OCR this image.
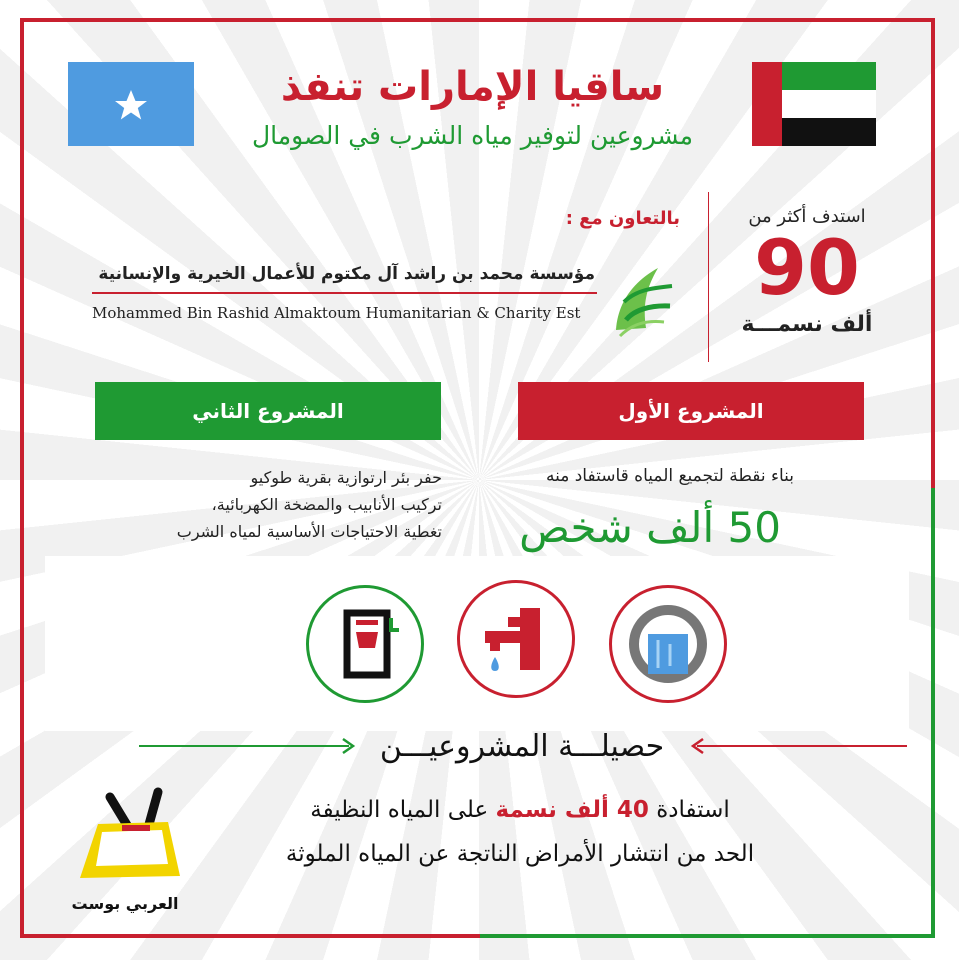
ساقيا الإمارات تنفذ
مشروعين لتوفير مياه الشرب في الصومال
استدف أكثر من
90
ألف نسمـــة
بالتعاون مع :
مؤسسة محمد بن راشد آل مكتوم للأعمال الخيرية والإنسانية
Mohammed Bin Rashid Almaktoum Humanitarian & Charity Est
المشروع الأول
المشروع الثاني
بناء نقطة لتجميع المياه قاستفاد منه
50 ألف شخص
حفر بئر ارتوازية بقرية طوكيو
تركيب الأنابيب والمضخة الكهربائية،
تغطية الاحتياجات الأساسية لمياه الشرب
حصيلـــة المشروعيـــن
استفادة 40 ألف نسمة على المياه النظيفة
الحد من انتشار الأمراض الناتجة عن المياه الملوثة
العربي بوست
